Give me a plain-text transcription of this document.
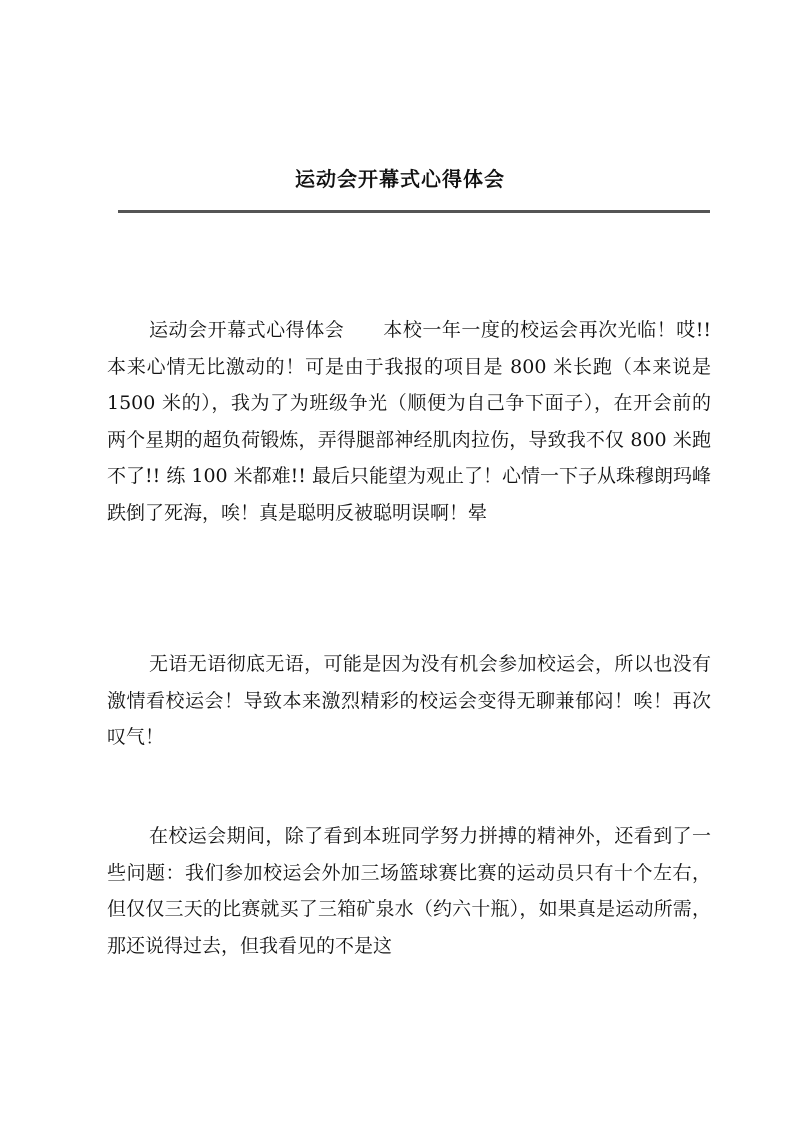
运动会开幕式心得体会

运动会开幕式心得体会　　本校一年一度的校运会再次光临！哎!! 本来心情无比激动的！可是由于我报的项目是 800 米长跑（本来说是 1500 米的），我为了为班级争光（顺便为自己争下面子），在开会前的两个星期的超负荷锻炼，弄得腿部神经肌肉拉伤，导致我不仅 800 米跑不了!! 练 100 米都难!! 最后只能望为观止了！心情一下子从珠穆朗玛峰跌倒了死海，唉！真是聪明反被聪明误啊！晕

无语无语彻底无语，可能是因为没有机会参加校运会，所以也没有激情看校运会！导致本来激烈精彩的校运会变得无聊兼郁闷！唉！再次叹气！

在校运会期间，除了看到本班同学努力拼搏的精神外，还看到了一些问题：我们参加校运会外加三场篮球赛比赛的运动员只有十个左右，但仅仅三天的比赛就买了三箱矿泉水（约六十瓶），如果真是运动所需，那还说得过去，但我看见的不是这
